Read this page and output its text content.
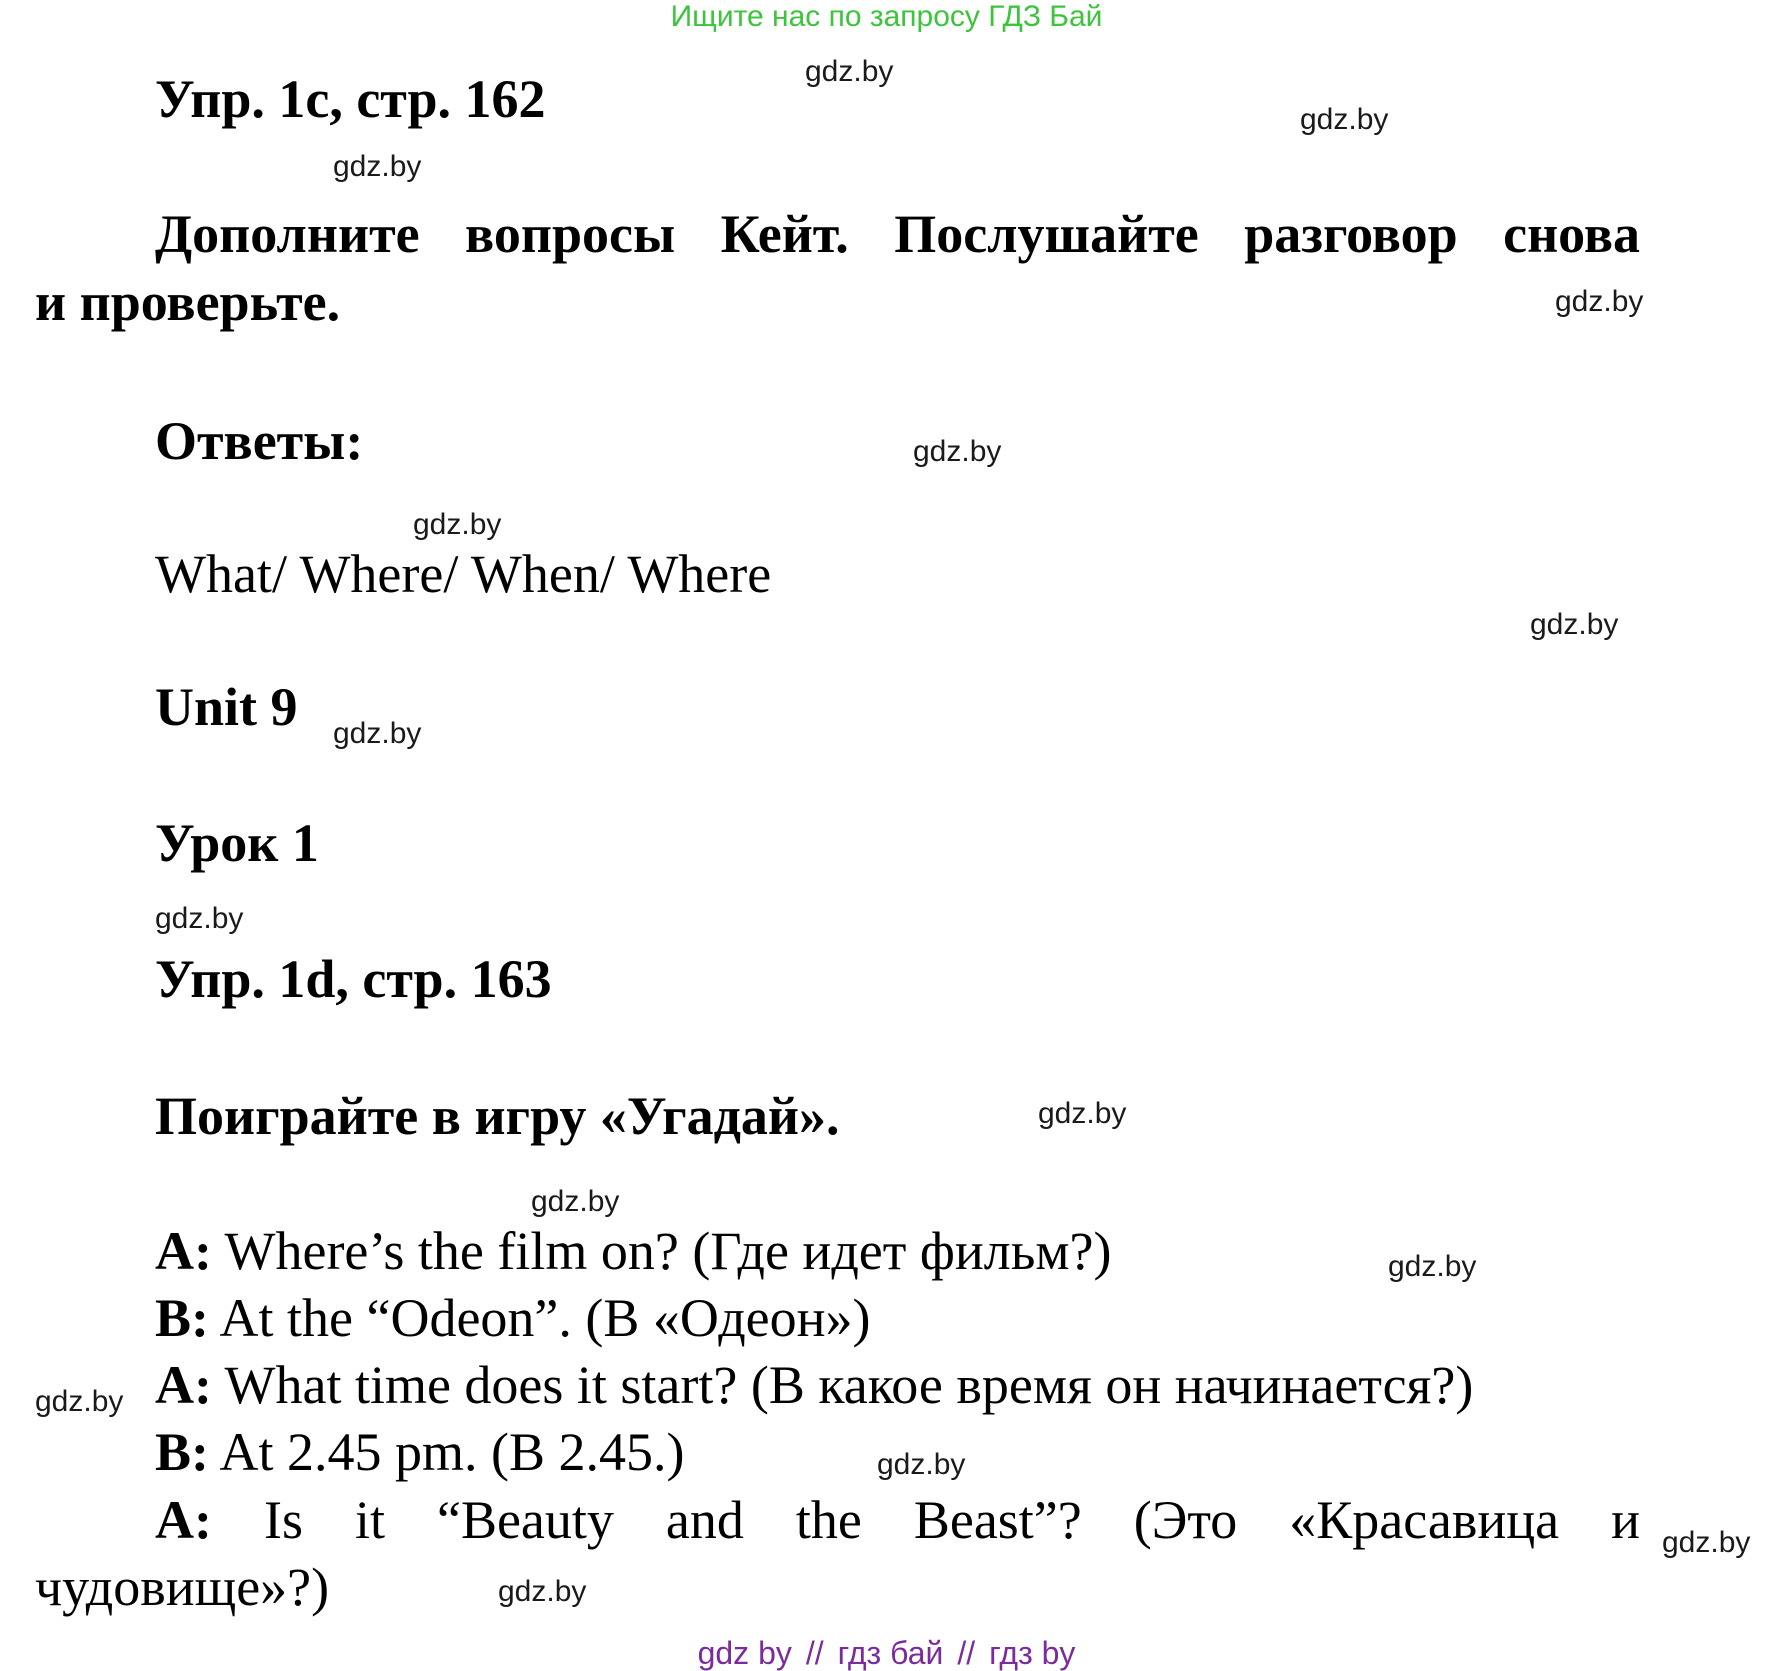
Ищите нас по запросу ГДЗ Бай
Упр. 1с, стр. 162
Дополните вопросы Кейт. Послушайте разговор снова
и проверьте.
Ответы:
What/ Where/ When/ Where
Unit 9
Урок 1
Упр. 1d, стр. 163
Поиграйте в игру «Угадай».
A: Where’s the film on? (Где идет фильм?)
B: At the “Odeon”. (В «Одеон»)
A: What time does it start? (В какое время он начинается?)
B: At 2.45 pm. (В 2.45.)
A: Is it “Beauty and the Beast”? (Это «Красавица и
чудовище»?)
gdz.by
gdz.by
gdz.by
gdz.by
gdz.by
gdz.by
gdz.by
gdz.by
gdz.by
gdz.by
gdz.by
gdz.by
gdz.by
gdz.by
gdz.by
gdz.by
gdz by // гдз бай // гдз by
